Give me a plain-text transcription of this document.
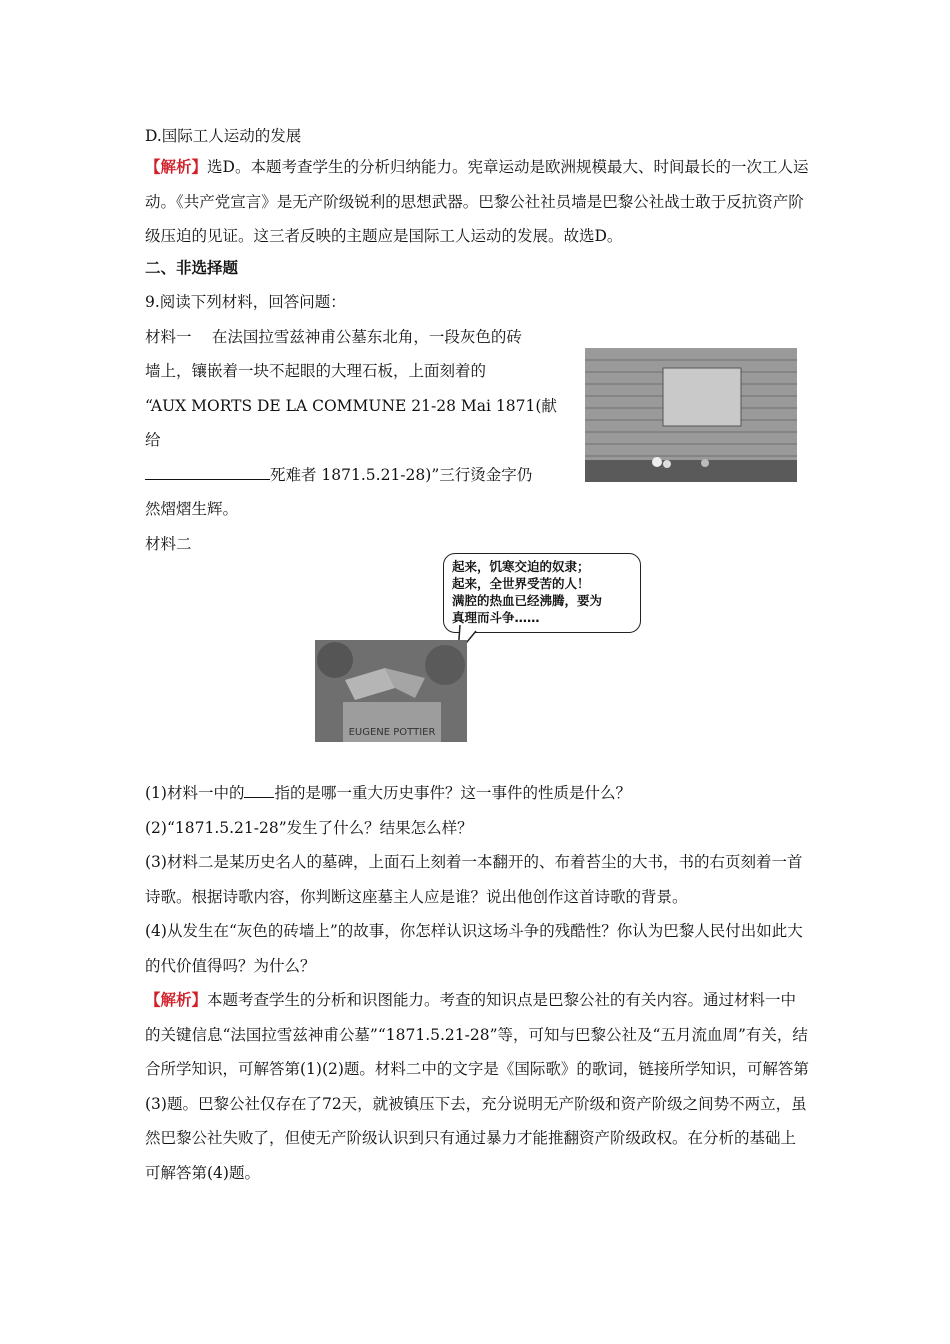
D.国际工人运动的发展

【解析】选D。本题考查学生的分析归纳能力。宪章运动是欧洲规模最大、时间最长的一次工人运动。《共产党宣言》是无产阶级锐利的思想武器。巴黎公社社员墙是巴黎公社战士敢于反抗资产阶级压迫的见证。这三者反映的主题应是国际工人运动的发展。故选D。

二、非选择题
9.阅读下列材料，回答问题：
材料一　 在法国拉雪兹神甫公墓东北角，一段灰色的砖
墙上，镶嵌着一块不起眼的大理石板，上面刻着的
“AUX MORTS DE LA COMMUNE 21-28 Mai 1871(献给
死难者 1871.5.21-28)”三行烫金字仍
然熠熠生辉。
材料二
起来，饥寒交迫的奴隶；
起来，全世界受苦的人！
满腔的热血已经沸腾，要为
真理而斗争……
EUGENE POTTIER
(1)材料一中的 指的是哪一重大历史事件？这一事件的性质是什么？
(2)“1871.5.21-28”发生了什么？结果怎么样？

(3)材料二是某历史名人的墓碑，上面石上刻着一本翻开的、布着苔尘的大书，书的右页刻着一首诗歌。根据诗歌内容，你判断这座墓主人应是谁？说出他创作这首诗歌的背景。

(4)从发生在“灰色的砖墙上”的故事，你怎样认识这场斗争的残酷性？你认为巴黎人民付出如此大的代价值得吗？为什么？

【解析】本题考查学生的分析和识图能力。考查的知识点是巴黎公社的有关内容。通过材料一中的关键信息“法国拉雪兹神甫公墓”“1871.5.21-28”等，可知与巴黎公社及“五月流血周”有关，结合所学知识，可解答第(1)(2)题。材料二中的文字是《国际歌》的歌词，链接所学知识，可解答第(3)题。巴黎公社仅存在了72天，就被镇压下去，充分说明无产阶级和资产阶级之间势不两立，虽然巴黎公社失败了，但使无产阶级认识到只有通过暴力才能推翻资产阶级政权。在分析的基础上可解答第(4)题。
